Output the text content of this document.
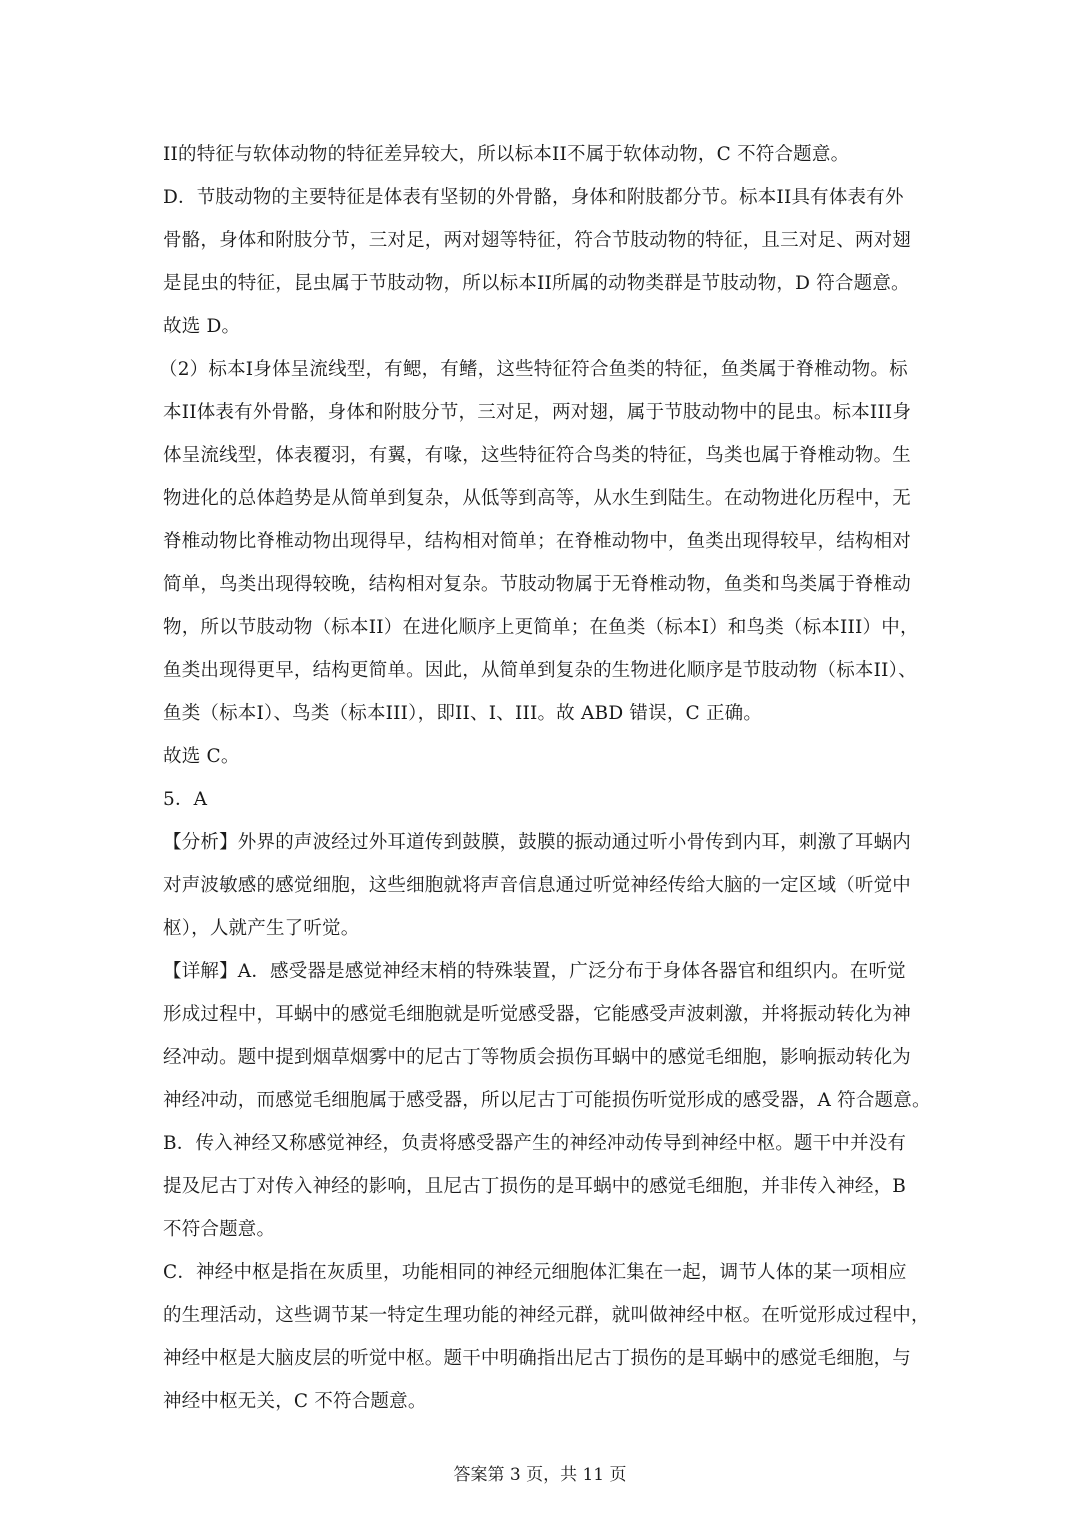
II的特征与软体动物的特征差异较大，所以标本II不属于软体动物，C 不符合题意。
D．节肢动物的主要特征是体表有坚韧的外骨骼，身体和附肢都分节。标本II具有体表有外
骨骼，身体和附肢分节，三对足，两对翅等特征，符合节肢动物的特征，且三对足、两对翅
是昆虫的特征，昆虫属于节肢动物，所以标本II所属的动物类群是节肢动物，D 符合题意。
故选 D。
（2）标本I身体呈流线型，有鳃，有鳍，这些特征符合鱼类的特征，鱼类属于脊椎动物。标
本II体表有外骨骼，身体和附肢分节，三对足，两对翅，属于节肢动物中的昆虫。标本III身
体呈流线型，体表覆羽，有翼，有喙，这些特征符合鸟类的特征，鸟类也属于脊椎动物。生
物进化的总体趋势是从简单到复杂，从低等到高等，从水生到陆生。在动物进化历程中，无
脊椎动物比脊椎动物出现得早，结构相对简单；在脊椎动物中，鱼类出现得较早，结构相对
简单，鸟类出现得较晚，结构相对复杂。节肢动物属于无脊椎动物，鱼类和鸟类属于脊椎动
物，所以节肢动物（标本II）在进化顺序上更简单；在鱼类（标本I）和鸟类（标本III）中，
鱼类出现得更早，结构更简单。因此，从简单到复杂的生物进化顺序是节肢动物（标本II）、
鱼类（标本I）、鸟类（标本III），即II、I、III。故 ABD 错误，C 正确。
故选 C。
5．A
【分析】外界的声波经过外耳道传到鼓膜，鼓膜的振动通过听小骨传到内耳，刺激了耳蜗内
对声波敏感的感觉细胞，这些细胞就将声音信息通过听觉神经传给大脑的一定区域（听觉中
枢），人就产生了听觉。
【详解】A．感受器是感觉神经末梢的特殊装置，广泛分布于身体各器官和组织内。在听觉
形成过程中，耳蜗中的感觉毛细胞就是听觉感受器，它能感受声波刺激，并将振动转化为神
经冲动。题中提到烟草烟雾中的尼古丁等物质会损伤耳蜗中的感觉毛细胞，影响振动转化为
神经冲动，而感觉毛细胞属于感受器，所以尼古丁可能损伤听觉形成的感受器，A 符合题意。
B．传入神经又称感觉神经，负责将感受器产生的神经冲动传导到神经中枢。题干中并没有
提及尼古丁对传入神经的影响，且尼古丁损伤的是耳蜗中的感觉毛细胞，并非传入神经，B
不符合题意。
C．神经中枢是指在灰质里，功能相同的神经元细胞体汇集在一起，调节人体的某一项相应
的生理活动，这些调节某一特定生理功能的神经元群，就叫做神经中枢。在听觉形成过程中，
神经中枢是大脑皮层的听觉中枢。题干中明确指出尼古丁损伤的是耳蜗中的感觉毛细胞，与
神经中枢无关，C 不符合题意。
答案第 3 页，共 11 页
